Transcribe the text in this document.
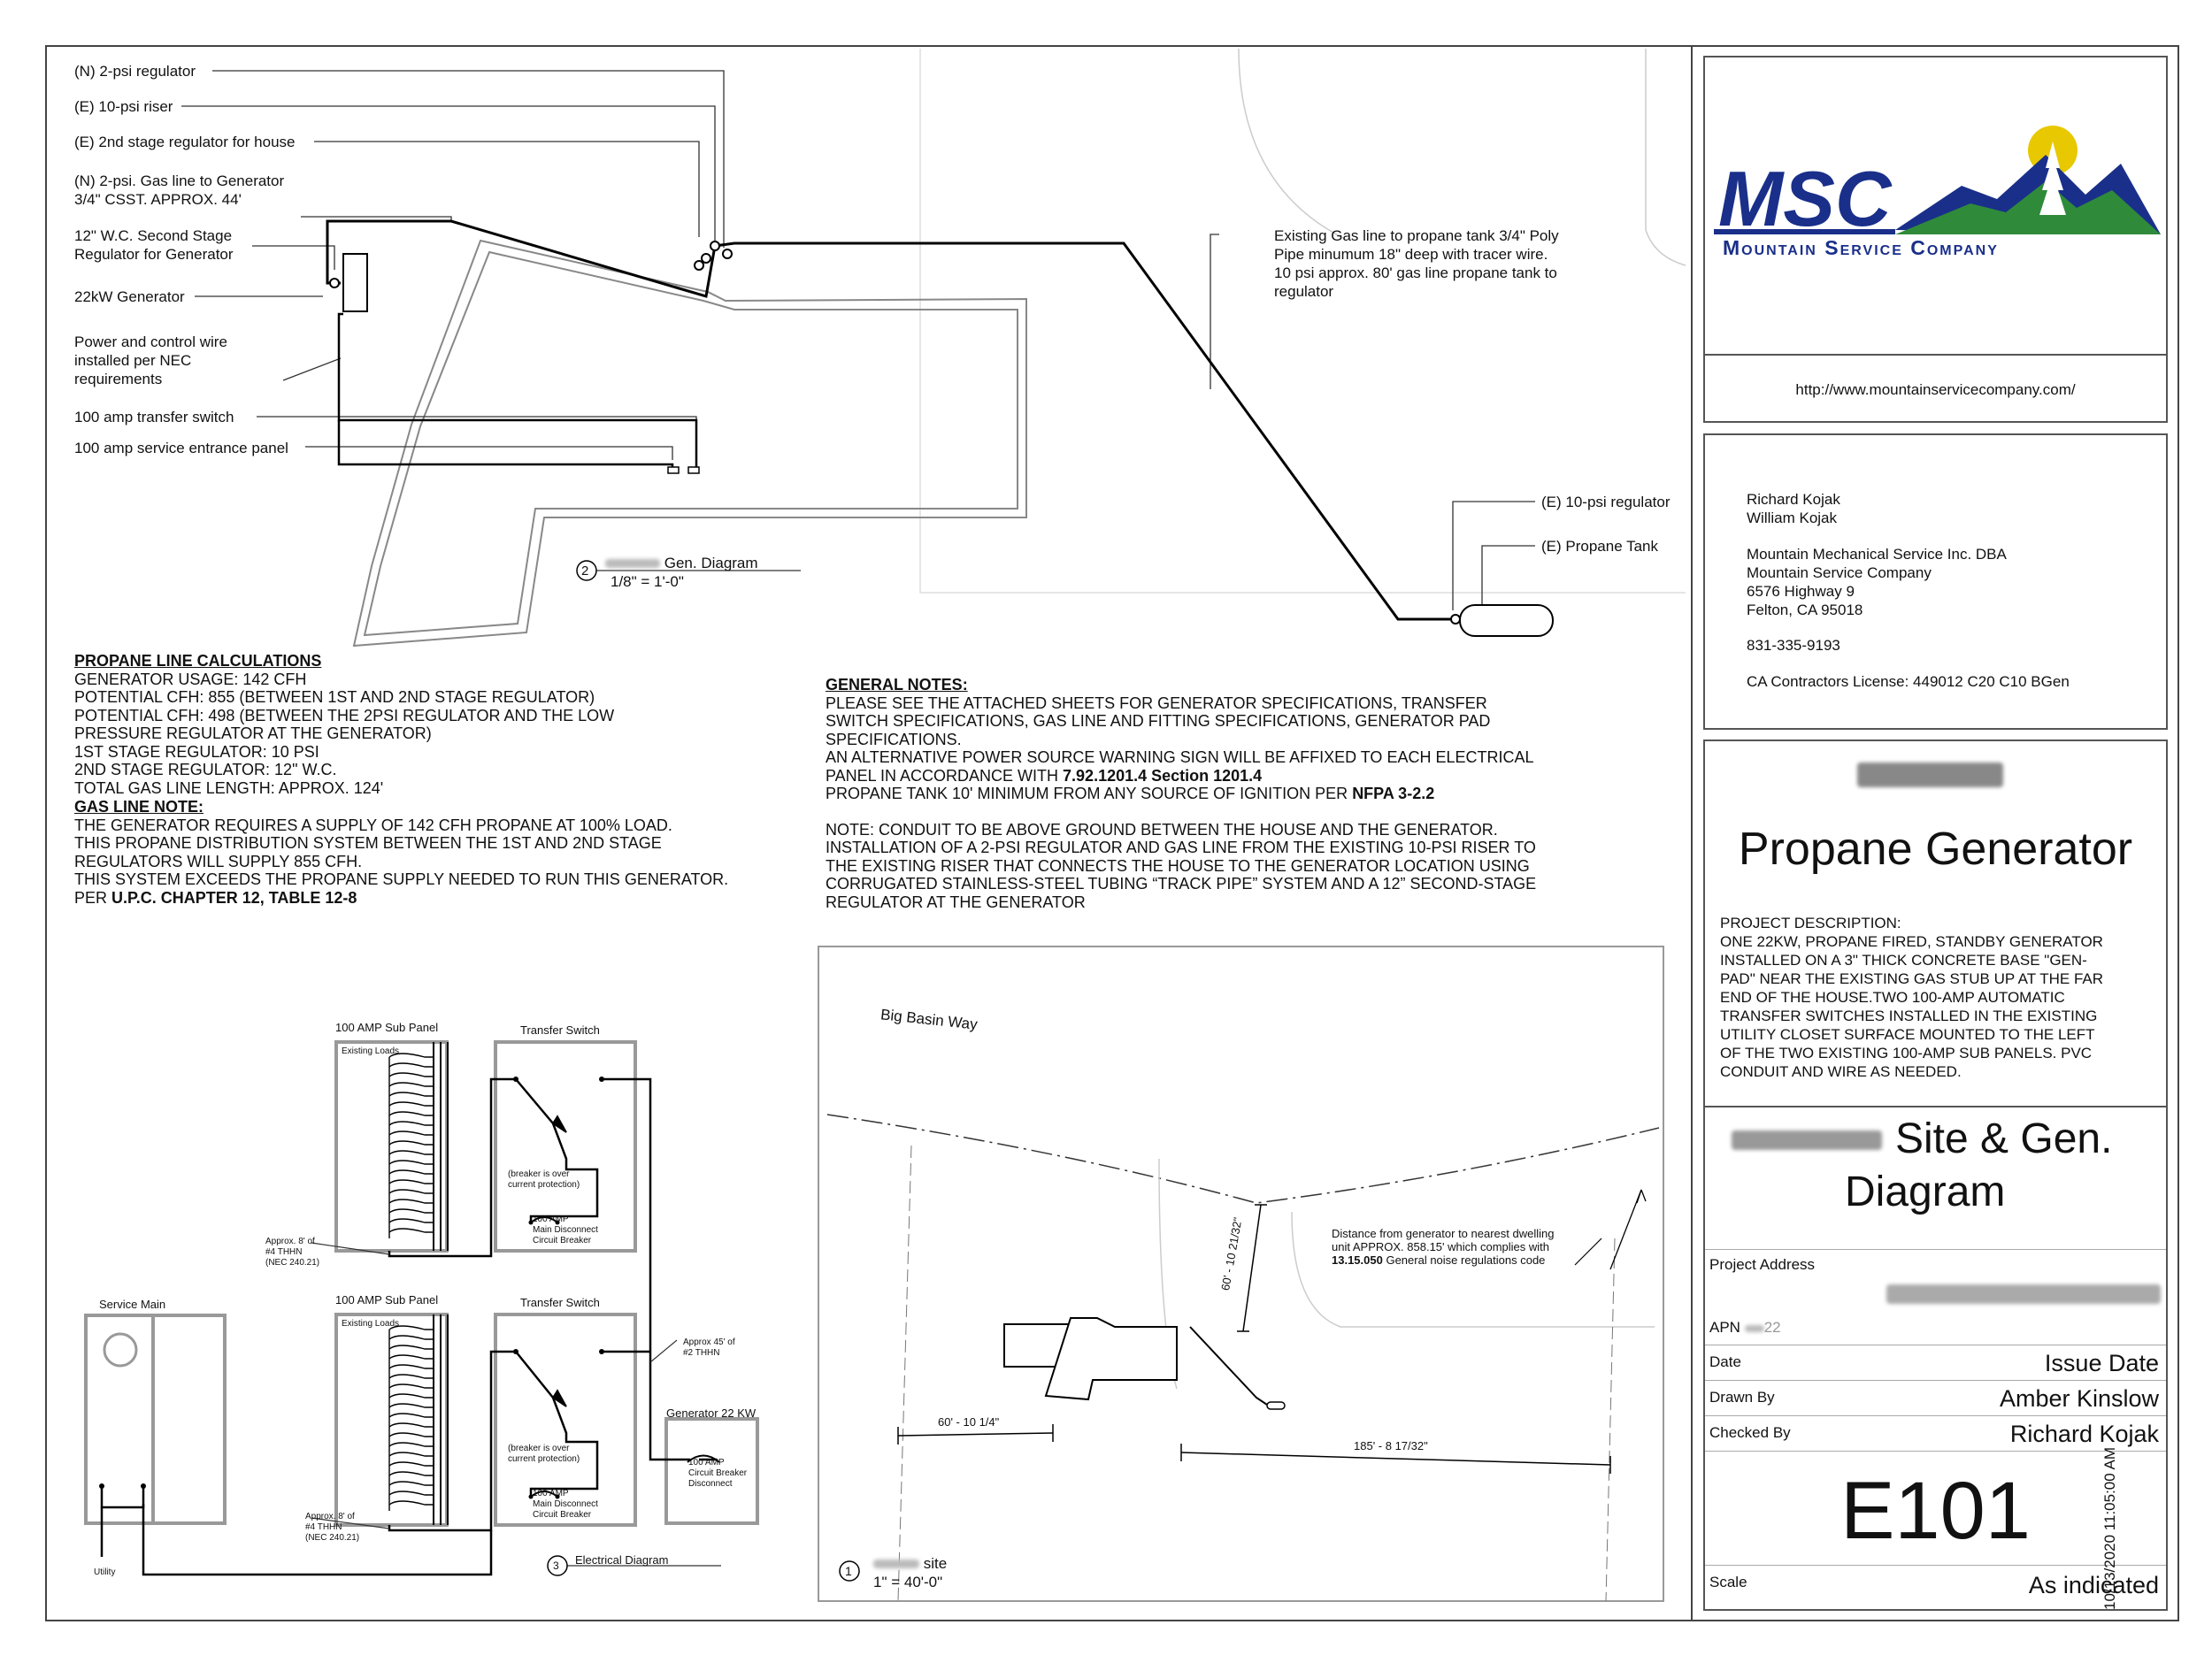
(N) 2-psi regulator
(E) 10-psi riser
(E) 2nd stage regulator for house
(N) 2-psi. Gas line to Generator
3/4" CSST. APPROX. 44'
12" W.C. Second Stage
Regulator for Generator
22kW Generator
Power and control wire
installed per NEC
requirements
100 amp transfer switch
100 amp service entrance panel
Existing Gas line to propane tank 3/4" Poly
Pipe minumum 18" deep with tracer wire.
10 psi approx. 80' gas line propane tank to
regulator
(E) 10-psi regulator
(E) Propane Tank
2	Gen. Diagram
1/8" = 1'-0"
PROPANE LINE CALCULATIONS
GENERATOR USAGE: 142 CFH
POTENTIAL CFH: 855 (BETWEEN 1ST AND 2ND STAGE REGULATOR)
POTENTIAL CFH: 498 (BETWEEN THE 2PSI REGULATOR AND THE LOW
PRESSURE REGULATOR AT THE GENERATOR)
1ST STAGE REGULATOR: 10 PSI
2ND STAGE REGULATOR: 12" W.C.
TOTAL GAS LINE LENGTH: APPROX. 124'
GAS LINE NOTE:
THE GENERATOR REQUIRES A SUPPLY OF 142 CFH PROPANE AT 100% LOAD.
THIS PROPANE DISTRIBUTION SYSTEM BETWEEN THE 1ST AND 2ND STAGE
REGULATORS WILL SUPPLY 855 CFH.
THIS SYSTEM EXCEEDS THE PROPANE SUPPLY NEEDED TO RUN THIS GENERATOR.
PER U.P.C. CHAPTER 12, TABLE 12-8
GENERAL NOTES:
PLEASE SEE THE ATTACHED SHEETS FOR GENERATOR SPECIFICATIONS, TRANSFER
SWITCH SPECIFICATIONS, GAS LINE AND FITTING SPECIFICATIONS, GENERATOR PAD
SPECIFICATIONS.
AN ALTERNATIVE POWER SOURCE WARNING SIGN WILL BE AFFIXED TO EACH ELECTRICAL
PANEL IN ACCORDANCE WITH 7.92.1201.4 Section 1201.4
PROPANE TANK 10' MINIMUM FROM ANY SOURCE OF IGNITION PER NFPA 3-2.2
NOTE: CONDUIT TO BE ABOVE GROUND BETWEEN THE HOUSE AND THE GENERATOR.
INSTALLATION OF A 2-PSI REGULATOR AND GAS LINE FROM THE EXISTING 10-PSI RISER TO
THE EXISTING RISER THAT CONNECTS THE HOUSE TO THE GENERATOR LOCATION USING
CORRUGATED STAINLESS-STEEL TUBING “TRACK PIPE” SYSTEM AND A 12” SECOND-STAGE
REGULATOR AT THE GENERATOR
100 AMP Sub Panel
Existing Loads
Transfer Switch
(breaker is over
current protection)
100 AMP
Main Disconnect
Circuit Breaker
Approx. 8' of
#4 THHN
(NEC 240.21)
100 AMP Sub Panel
Existing Loads
Transfer Switch
(breaker is over
current protection)
100 AMP
Main Disconnect
Circuit Breaker
Approx. 8' of
#4 THHN
(NEC 240.21)
Approx 45' of
#2 THHN
Service Main
Utility
Generator 22 KW
100 AMP
Circuit Breaker
Disconnect
3 Electrical Diagram
Big Basin Way
60' - 10 21/32"
60' - 10 1/4"
185' - 8 17/32"
Distance from generator to nearest dwelling
unit APPROX. 858.15' which complies with
13.15.050 General noise regulations code
1	site
1" = 40'-0"
MSC
Mountain Service Company
http://www.mountainservicecompany.com/
Richard Kojak
William Kojak
Mountain Mechanical Service Inc. DBA
Mountain Service Company
6576 Highway 9
Felton, CA 95018
831-335-9193
CA Contractors License: 449012 C20 C10 BGen
Propane Generator
PROJECT DESCRIPTION:
ONE 22KW, PROPANE FIRED, STANDBY GENERATOR
INSTALLED ON A 3" THICK CONCRETE BASE "GEN-
PAD" NEAR THE EXISTING GAS STUB UP AT THE FAR
END OF THE HOUSE.TWO 100-AMP AUTOMATIC
TRANSFER SWITCHES INSTALLED IN THE EXISTING
UTILITY CLOSET SURFACE MOUNTED TO THE LEFT
OF THE TWO EXISTING 100-AMP SUB PANELS. PVC
CONDUIT AND WIRE AS NEEDED.
Site & Gen.
Diagram
Project Address
APN 22
Date	Issue Date
Drawn By	Amber Kinslow
Checked By	Richard Kojak
E101
Scale	As indicated
10/13/2020 11:05:00 AM
